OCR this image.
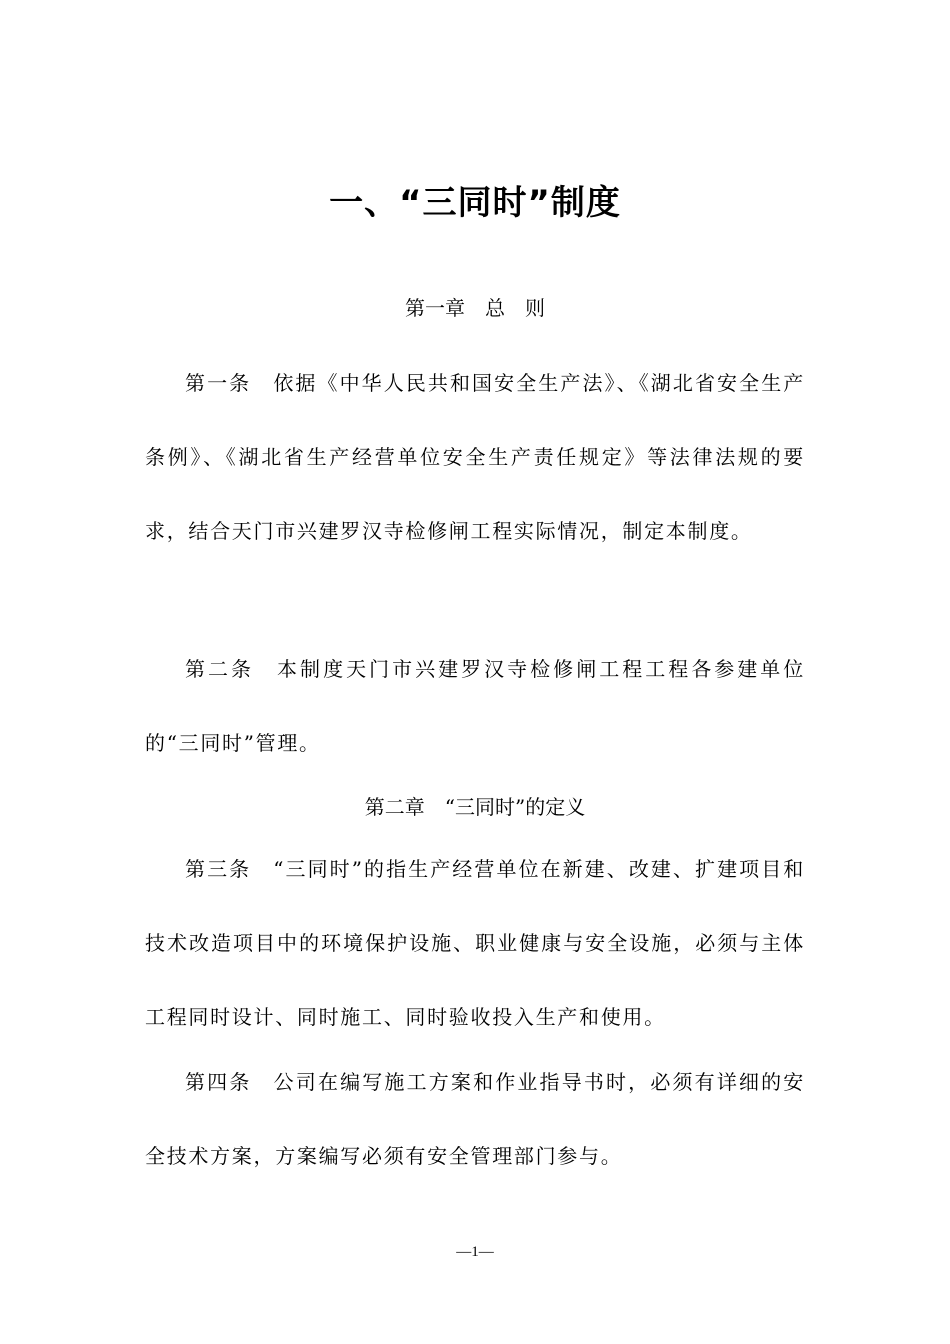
一、“三同时”制度
第一章　总　则

第一条　依据《中华人民共和国安全生产法》、《湖北省安全生产条例》、《湖北省生产经营单位安全生产责任规定》等法律法规的要求，结合天门市兴建罗汉寺检修闸工程实际情况，制定本制度。

第二条　本制度天门市兴建罗汉寺检修闸工程工程各参建单位的“三同时”管理。

第二章　“三同时”的定义

第三条　“三同时”的指生产经营单位在新建、改建、扩建项目和技术改造项目中的环境保护设施、职业健康与安全设施，必须与主体工程同时设计、同时施工、同时验收投入生产和使用。

第四条　公司在编写施工方案和作业指导书时，必须有详细的安全技术方案，方案编写必须有安全管理部门参与。

—1—
